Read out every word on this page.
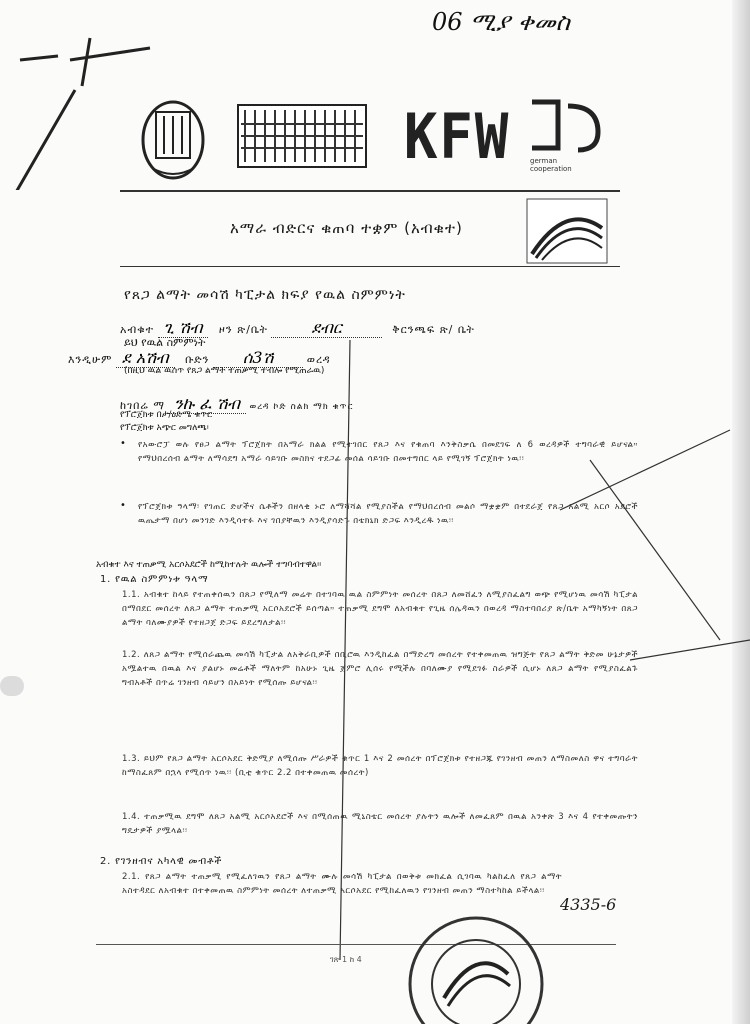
06 ሚያ ቀመስ
KFW	german cooperation
አማራ ብድርና ቁጠባ ተቋም (አብቁተ)
የጸጋ ልማት መሳሽ ካፒታል ክፍያ የዉል ስምምነት
አብቁተ ጊ ሽብ ዞን ጽ/ቤት	ደብር	ቅርንጫፍ ጽ/ ቤት
ይህ የዉል ስምምነት
እንዲሁም ደ አሽብ ቡድን ሰ3ሽ	ወረዳ
(በዚህ ዉል ዉስጥ የጸጋ ልማት ተጠቃሚ ተብሎ የሚጠራዉ)
ከገበሬ ማ ንኩ ፈ ሽብ ወረዳ ኮድ ስልክ ማክ ቁጥር
የፕሮጀክቱ በታ/ዕድሜ ቁጥር
የፕሮጀክቱ አጭር መግለጫ፡
• የአውሮፓ ወሉ የፀጋ ልማት ፕሮጀክት በአማራ ክልል የሚተገበር የጸጋ እና የቁጠባ እንቅስቃሴ በመደገፍ ለ 6 ወረዳዎች ተግባራዊ ይሆናል። የማህበረሰብ ልማት ለማሳደግ አማራ ሳይገቡ መስክና ተደጋፊ መሰል ሳይገቡ በመተግበር ላይ የሚገኝ ፕሮጀክት ነዉ፡፡
• የፕሮጀክቱ ዓላማ፡ የገጠር ድሆችና ሴቶችን በዘላቂ ኑሮ ለማሻሻል የሚያስችል የማህበረሰብ መልሶ ማቋቋም በተደራጀ የጸጋ አልሚ አርሶ አደሮች ዉጤታማ በሆነ መንገድ እንዲሳተፉ እና ገበያቸዉን እንዲያሳድጉ በቴክኒክ ድጋፍ እንዲረዱ ነዉ፡፡
አብቁተ እና ተጠቃሚ አርሶአደሮች ከሚከተሉት ዉሎች ተግባብተዋል፡፡
1. የዉል ስምምነቱ ዓላማ
1.1. አብቁተ ከላይ የተጠቀሰዉን በጸጋ የሚለማ መሬት በተገባዉ ዉል ስምምነት መሰረት በጸጋ ለመሸፈን ለሚያስፈልግ ወጭ የሚሆነዉ መሳሽ ካፒታል በማበደር መሰረት ለጸጋ ልማት ተጠቃሚ አርሶአደሮች ይሰጣል። ተጠቃሚ ደግሞ ለአብቁተ የጊዜ ሰሌዳዉን በወረዳ ማስተባበሪያ ጽ/ቤት አማካኝነት በጸጋ ልማት ባለሙያዎች የተዘጋጀ ድጋፍ ይደረግለታል፡፡
1.2. ለጸጋ ልማት የሚሰራጨዉ መሳሽ ካፒታል ለአቅራቢዎች በቢሮዉ እንዲከፈል በማድረግ መሰረት የተቀመጠዉ ዝግጅት የጸጋ ልማት ቅድመ ሁኔታዎች አሟልተዉ በዉል እና ያልሆኑ መሬቶች ማለትም ከአሁኑ ጊዜ ጀምሮ ሊሰሩ የሚችሉ በባለሙያ የሚደገፉ ስራዎች ሲሆኑ ለጸጋ ልማት የሚያስፈልጉ ግብአቶች በጥሬ ገንዘብ ሳይሆን በአይነት የሚሰጡ ይሆናል፡፡
1.3. ይህም የጸጋ ልማት አርሶአደር ቅድሚያ ለሚሰጡ ሥራዎች ቁጥር 1 እና 2 መሰረት በፕሮጀክቱ የተዘጋጁ የገንዘብ መጠን ለማስመለስ ዋና ተግባራት ከማስፈጸም በኋላ የሚሰጥ ነዉ፡፡ (ቢቲ ቁጥር 2.2 በተቀመጠዉ መሰረት)
1.4. ተጠቃሚዉ ደግሞ ለጸጋ አልሚ አርሶአደሮች እና በሚሰጠዉ ሚኒስቴር መሰረት ያሉትን ዉሎች ለመፈጸም በዉል አንቀጽ 3 እና 4 የተቀመጡትን ግዴታዎች ያሟላል፡፡
2. የገንዘብና አካላዊ መብቶች
2.1. የጸጋ ልማት ተጠቃሚ የሚፈለገዉን የጸጋ ልማት ሙሉ መሳሽ ካፒታል በወቅቱ መክፈል ሲገባዉ ካልከፈለ የጸጋ ልማት አስተዳደር ለአብቁተ በተቀመጠዉ ስምምነት መሰረት ለተጠቃሚ አርሶአደር የሚከፈለዉን የገንዘብ መጠን ማስተካከል ይችላል፡፡
4335-6
ገጽ 1 ከ 4
